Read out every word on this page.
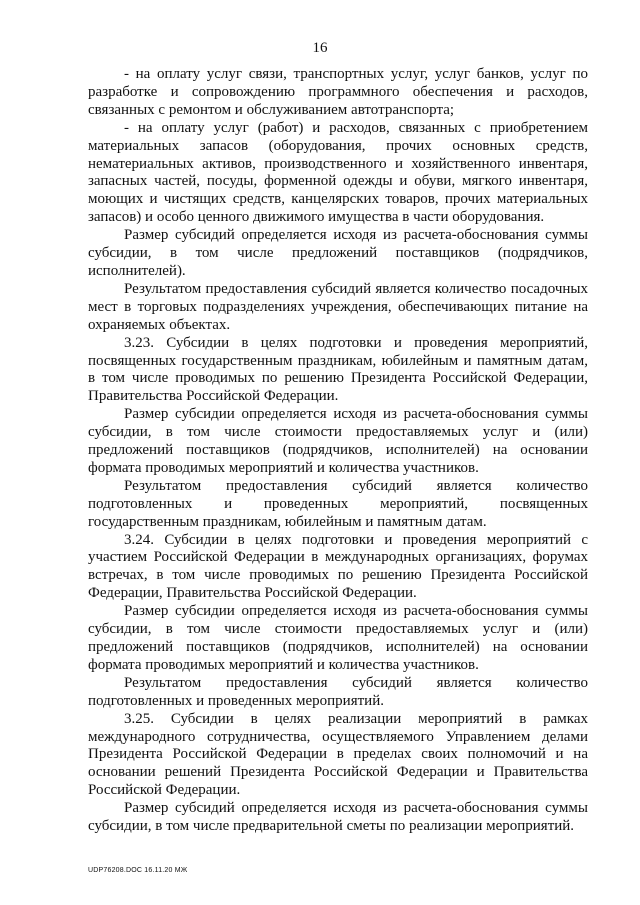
16

- на оплату услуг связи, транспортных услуг, услуг банков, услуг по разработке и сопровождению программного обеспечения и расходов, связанных с ремонтом и обслуживанием автотранспорта;

- на оплату услуг (работ) и расходов, связанных с приобретением материальных запасов (оборудования, прочих основных средств, нематериальных активов, производственного и хозяйственного инвентаря, запасных частей, посуды, форменной одежды и обуви, мягкого инвентаря, моющих и чистящих средств, канцелярских товаров, прочих материальных запасов) и особо ценного движимого имущества в части оборудования.

Размер субсидий определяется исходя из расчета-обоснования суммы субсидии, в том числе предложений поставщиков (подрядчиков, исполнителей).

Результатом предоставления субсидий является количество посадочных мест в торговых подразделениях учреждения, обеспечивающих питание на охраняемых объектах.

3.23. Субсидии в целях подготовки и проведения мероприятий, посвященных государственным праздникам, юбилейным и памятным датам, в том числе проводимых по решению Президента Российской Федерации, Правительства Российской Федерации.

Размер субсидии определяется исходя из расчета-обоснования суммы субсидии, в том числе стоимости предоставляемых услуг и (или) предложений поставщиков (подрядчиков, исполнителей) на основании формата проводимых мероприятий и количества участников.

Результатом предоставления субсидий является количество подготовленных и проведенных мероприятий, посвященных государственным праздникам, юбилейным и памятным датам.

3.24. Субсидии в целях подготовки и проведения мероприятий с участием Российской Федерации в международных организациях, форумах встречах, в том числе проводимых по решению Президента Российской Федерации, Правительства Российской Федерации.

Размер субсидии определяется исходя из расчета-обоснования суммы субсидии, в том числе стоимости предоставляемых услуг и (или) предложений поставщиков (подрядчиков, исполнителей) на основании формата проводимых мероприятий и количества участников.

Результатом предоставления субсидий является количество подготовленных и проведенных мероприятий.

3.25. Субсидии в целях реализации мероприятий в рамках международного сотрудничества, осуществляемого Управлением делами Президента Российской Федерации в пределах своих полномочий и на основании решений Президента Российской Федерации и Правительства Российской Федерации.

Размер субсидий определяется исходя из расчета-обоснования суммы субсидии, в том числе предварительной сметы по реализации мероприятий.

UDP76208.DOC 16.11.20 МЖ
